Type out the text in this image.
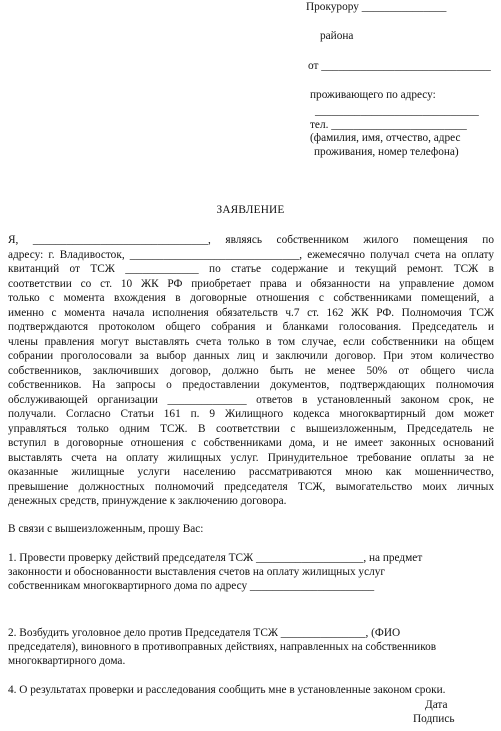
Прокурору _______________
района
от ______________________________
проживающего по адресу:
_____________________________
тел. ________________________
(фамилия, имя, отчество, адрес
проживания, номер телефона)
ЗАЯВЛЕНИЕ
Я, _______________________________, являясь собственником жилого помещения по
адресу: г. Владивосток, ______________________________, ежемесячно получал счета на оплату
квитанций от ТСЖ _____________ по статье содержание и текущий ремонт. ТСЖ в
соответствии со ст. 10 ЖК РФ приобретает права и обязанности на управление домом
только с момента вхождения в договорные отношения с собственниками помещений, а
именно с момента начала исполнения обязательств ч.7 ст. 162 ЖК РФ. Полномочия ТСЖ
подтверждаются протоколом общего собрания и бланками голосования. Председатель и
члены правления могут выставлять счета только в том случае, если собственники на общем
собрании проголосовали за выбор данных лиц и заключили договор. При этом количество
собственников, заключивших договор, должно быть не менее 50% от общего числа
собственников. На запросы о предоставлении документов, подтверждающих полномочия
обслуживающей организации ______________ ответов в установленный законом срок, не
получали. Согласно Статьи 161 п. 9 Жилищного кодекса многоквартирный дом может
управляться только одним ТСЖ. В соответствии с вышеизложенным, Председатель не
вступил в договорные отношения с собственниками дома, и не имеет законных оснований
выставлять счета на оплату жилищных услуг. Принудительное требование оплаты за не
оказанные жилищные услуги населению рассматриваются мною как мошенничество,
превышение должностных полномочий председателя ТСЖ, вымогательство моих личных
денежных средств, принуждение к заключению договора.
В связи с вышеизложенным, прошу Вас:
1. Провести проверку действий председателя ТСЖ ___________________, на предмет
законности и обоснованности выставления счетов на оплату жилищных услуг
собственникам многоквартирного дома по адресу ______________________
2. Возбудить уголовное дело против Председателя ТСЖ _______________, (ФИО
председателя), виновного в противоправных действиях, направленных на собственников
многоквартирного дома.
4. О результатах проверки и расследования сообщить мне в установленные законом сроки.
Дата
Подпись
